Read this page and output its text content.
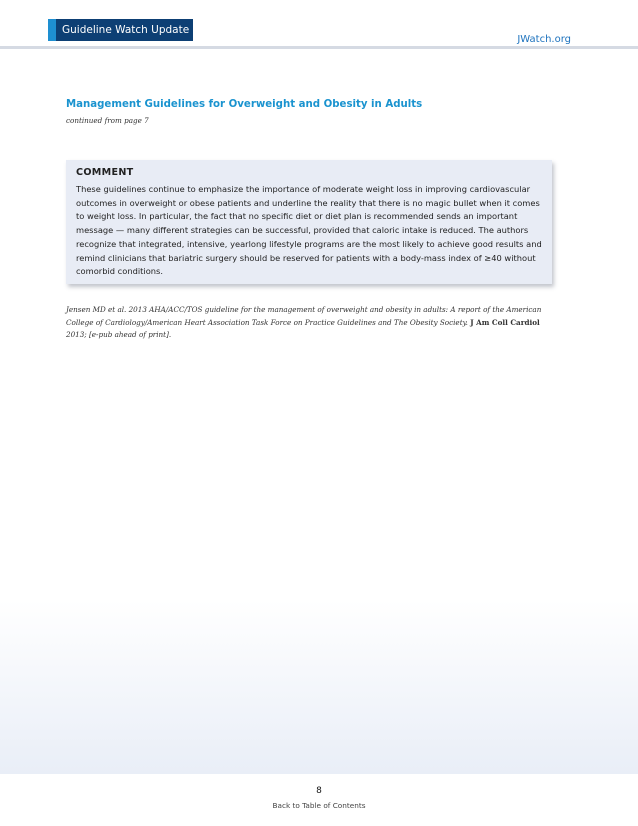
Guideline Watch Update
JWatch.org
Management Guidelines for Overweight and Obesity in Adults
continued from page 7
COMMENT
These guidelines continue to emphasize the importance of moderate weight loss in improving cardiovascular outcomes in overweight or obese patients and underline the reality that there is no magic bullet when it comes to weight loss. In particular, the fact that no specific diet or diet plan is recommended sends an important message — many different strategies can be successful, provided that caloric intake is reduced. The authors recognize that integrated, intensive, yearlong lifestyle programs are the most likely to achieve good results and remind clinicians that bariatric surgery should be reserved for patients with a body-mass index of ≥40 without comorbid conditions.
Jensen MD et al. 2013 AHA/ACC/TOS guideline for the management of overweight and obesity in adults: A report of the American College of Cardiology/American Heart Association Task Force on Practice Guidelines and The Obesity Society. J Am Coll Cardiol 2013; [e-pub ahead of print].
8
Back to Table of Contents
